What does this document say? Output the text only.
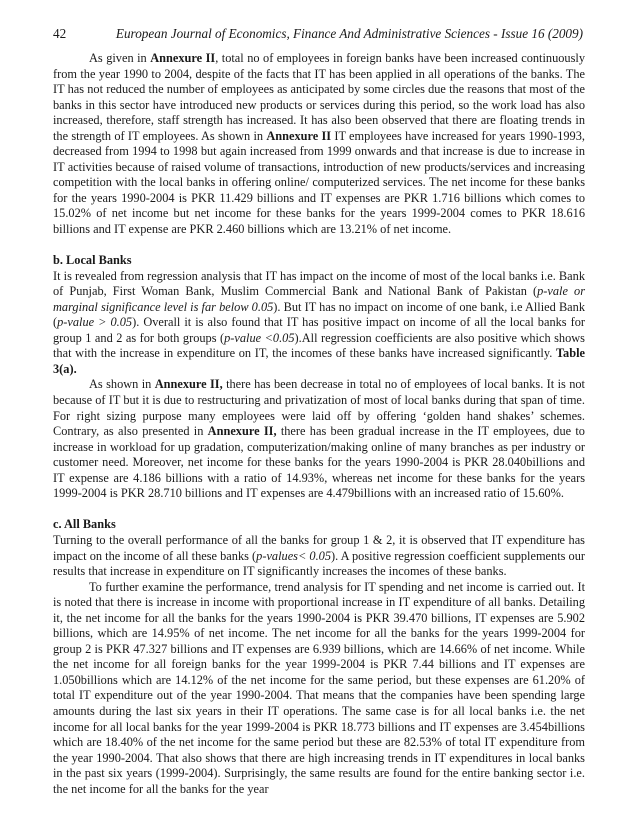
42	European Journal of Economics, Finance And Administrative Sciences - Issue 16 (2009)

As given in Annexure II, total no of employees in foreign banks have been increased continuously from the year 1990 to 2004, despite of the facts that IT has been applied in all operations of the banks. The IT has not reduced the number of employees as anticipated by some circles due the reasons that most of the banks in this sector have introduced new products or services during this period, so the work load has also increased, therefore, staff strength has increased. It has also been observed that there are floating trends in the strength of IT employees. As shown in Annexure II IT employees have increased for years 1990-1993, decreased from 1994 to 1998 but again increased from 1999 onwards and that increase is due to increase in IT activities because of raised volume of transactions, introduction of new products/services and increasing competition with the local banks in offering online/ computerized services. The net income for these banks for the years 1990-2004 is PKR 11.429 billions and IT expenses are PKR 1.716 billions which comes to 15.02% of net income but net income for these banks for the years 1999-2004 comes to PKR 18.616 billions and IT expense are PKR 2.460 billions which are 13.21% of net income.

b. Local Banks

It is revealed from regression analysis that IT has impact on the income of most of the local banks i.e. Bank of Punjab, First Woman Bank, Muslim Commercial Bank and National Bank of Pakistan (p-vale or marginal significance level is far below 0.05). But IT has no impact on income of one bank, i.e Allied Bank (p-value > 0.05). Overall it is also found that IT has positive impact on income of all the local banks for group 1 and 2 as for both groups (p-value <0.05).All regression coefficients are also positive which shows that with the increase in expenditure on IT, the incomes of these banks have increased significantly. Table 3(a).

As shown in Annexure II, there has been decrease in total no of employees of local banks. It is not because of IT but it is due to restructuring and privatization of most of local banks during that span of time. For right sizing purpose many employees were laid off by offering ‘golden hand shakes’ schemes. Contrary, as also presented in Annexure II, there has been gradual increase in the IT employees, due to increase in workload for up gradation, computerization/making online of many branches as per industry or customer need. Moreover, net income for these banks for the years 1990-2004 is PKR 28.040billions and IT expense are 4.186 billions with a ratio of 14.93%, whereas net income for these banks for the years 1999-2004 is PKR 28.710 billions and IT expenses are 4.479billions with an increased ratio of 15.60%.

c. All Banks

Turning to the overall performance of all the banks for group 1 & 2, it is observed that IT expenditure has impact on the income of all these banks (p-values< 0.05). A positive regression coefficient supplements our results that increase in expenditure on IT significantly increases the incomes of these banks.

To further examine the performance, trend analysis for IT spending and net income is carried out. It is noted that there is increase in income with proportional increase in IT expenditure of all banks. Detailing it, the net income for all the banks for the years 1990-2004 is PKR 39.470 billions, IT expenses are 5.902 billions, which are 14.95% of net income. The net income for all the banks for the years 1999-2004 for group 2 is PKR 47.327 billions and IT expenses are 6.939 billions, which are 14.66% of net income. While the net income for all foreign banks for the year 1999-2004 is PKR 7.44 billions and IT expenses are 1.050billions which are 14.12% of the net income for the same period, but these expenses are 61.20% of total IT expenditure out of the year 1990-2004. That means that the companies have been spending large amounts during the last six years in their IT operations. The same case is for all local banks i.e. the net income for all local banks for the year 1999-2004 is PKR 18.773 billions and IT expenses are 3.454billions which are 18.40% of the net income for the same period but these are 82.53% of total IT expenditure from the year 1990-2004. That also shows that there are high increasing trends in IT expenditures in local banks in the past six years (1999-2004). Surprisingly, the same results are found for the entire banking sector i.e. the net income for all the banks for the year
